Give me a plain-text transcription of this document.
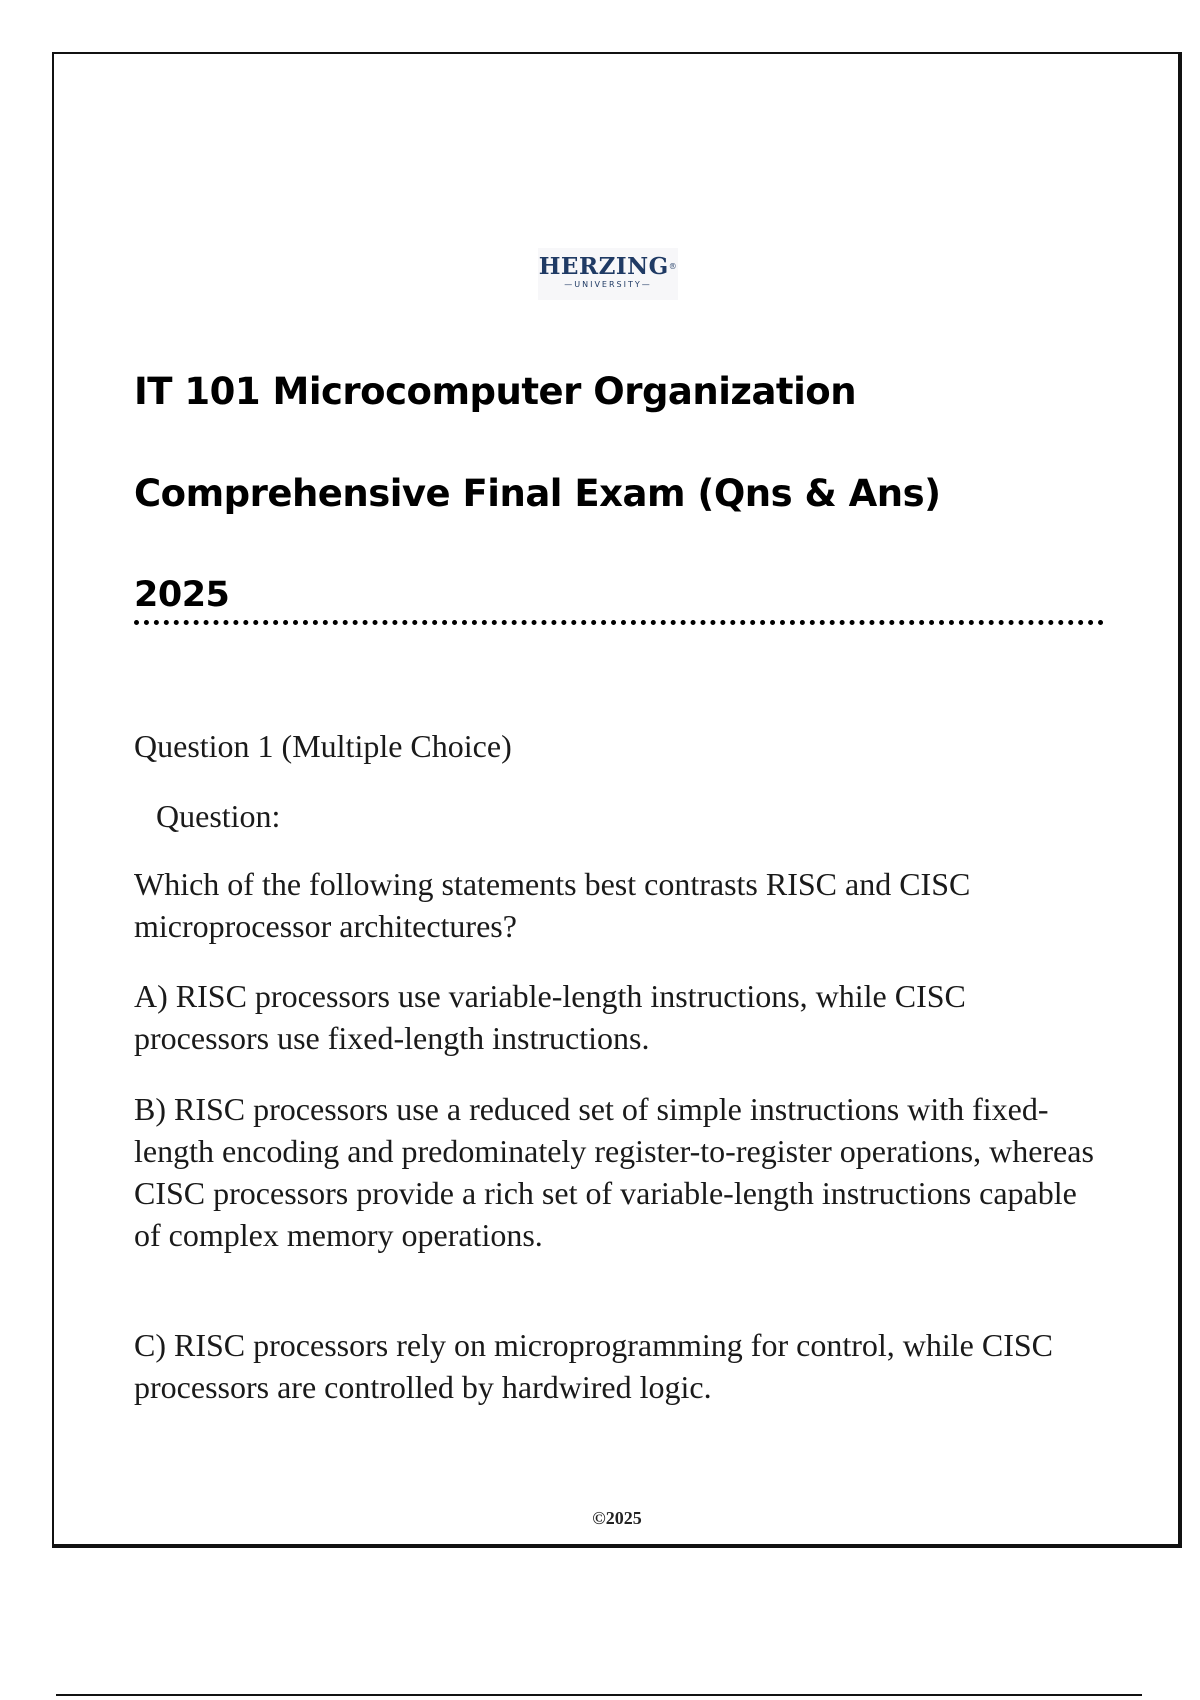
HERZING®
—UNIVERSITY—
IT 101 Microcomputer Organization
Comprehensive Final Exam (Qns & Ans)
2025
Question 1 (Multiple Choice)
Question:
Which of the following statements best contrasts RISC and CISC microprocessor architectures?
A) RISC processors use variable-length instructions, while CISC processors use fixed-length instructions.
B) RISC processors use a reduced set of simple instructions with fixed-length encoding and predominately register-to-register operations, whereas CISC processors provide a rich set of variable-length instructions capable of complex memory operations.
C) RISC processors rely on microprogramming for control, while CISC processors are controlled by hardwired logic.
©2025
